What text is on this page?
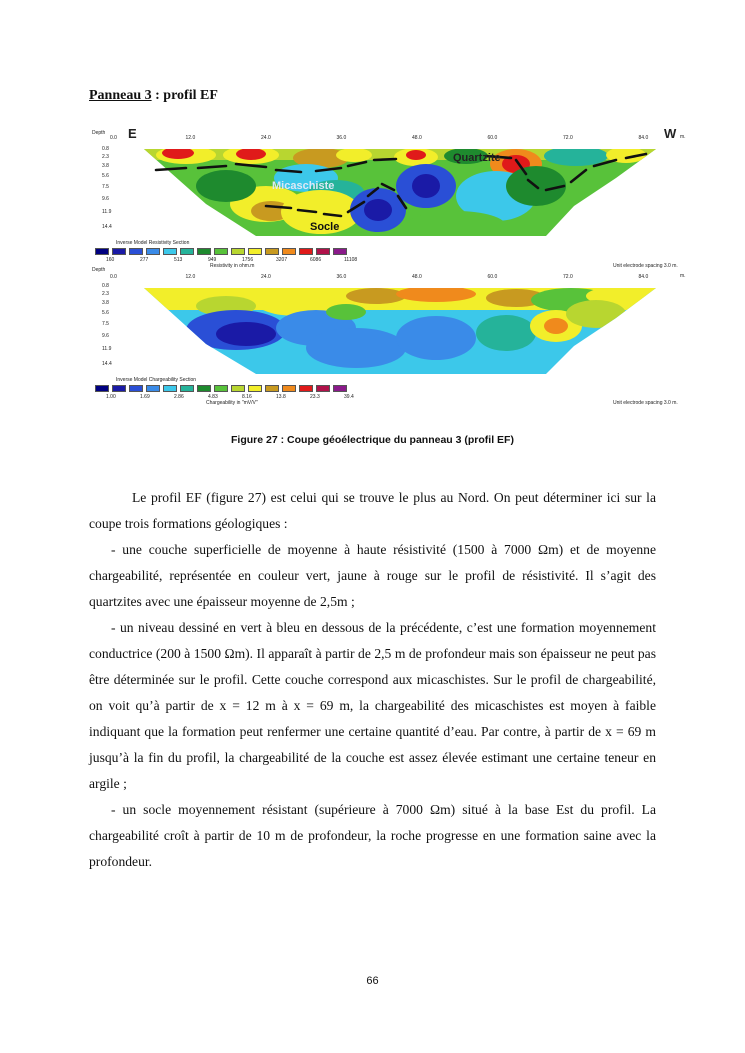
Panneau 3 : profil EF
Depth
0.0	12.0	24.0	36.0	48.0	60.0	72.0	84.0
0.8
2.3
3.8
5.6
7.5
9.6
11.9
14.4
E	W m.
Quartzite
Micaschiste
Socle
Inverse Model Resistivity Section
160	277	513	949	1756	3207	6086	11108
Resistivity in ohm.m	Unit electrode spacing 3.0 m.
Depth
0.0	12.0	24.0	36.0	48.0	60.0	72.0	84.0
0.8
2.3
3.8
5.6
7.5
9.6
11.9
14.4
m.
Inverse Model Chargeability Section
1.00	1.69	2.86	4.83	8.16	13.8	23.3	39.4
Chargeability in "mV/V"	Unit electrode spacing 3.0 m.
Figure 27 : Coupe géoélectrique du panneau 3 (profil EF)

Le profil EF (figure 27) est celui qui se trouve le plus au Nord. On peut déterminer ici sur la coupe trois formations géologiques :

- une couche superficielle de moyenne à haute résistivité (1500 à 7000 Ωm) et de moyenne chargeabilité, représentée en couleur vert, jaune à rouge sur le profil de résistivité. Il s’agit des quartzites avec une épaisseur moyenne de 2,5m ;

- un niveau dessiné en vert à bleu en dessous de la précédente, c’est une formation moyennement conductrice (200 à 1500 Ωm). Il apparaît à partir de 2,5 m de profondeur mais son épaisseur ne peut pas être déterminée sur le profil. Cette couche correspond aux micaschistes. Sur le profil de chargeabilité, on voit qu’à partir de x = 12 m à x = 69 m, la chargeabilité des micaschistes est moyen à faible indiquant que la formation peut renfermer une certaine quantité d’eau. Par contre, à partir de x = 69 m jusqu’à la fin du profil, la chargeabilité de la couche est assez élevée estimant une certaine teneur en argile ;

- un socle moyennement résistant (supérieure à 7000 Ωm) situé à la base Est du profil. La chargeabilité croît à partir de 10 m de profondeur, la roche progresse en une formation saine avec la profondeur.

66
